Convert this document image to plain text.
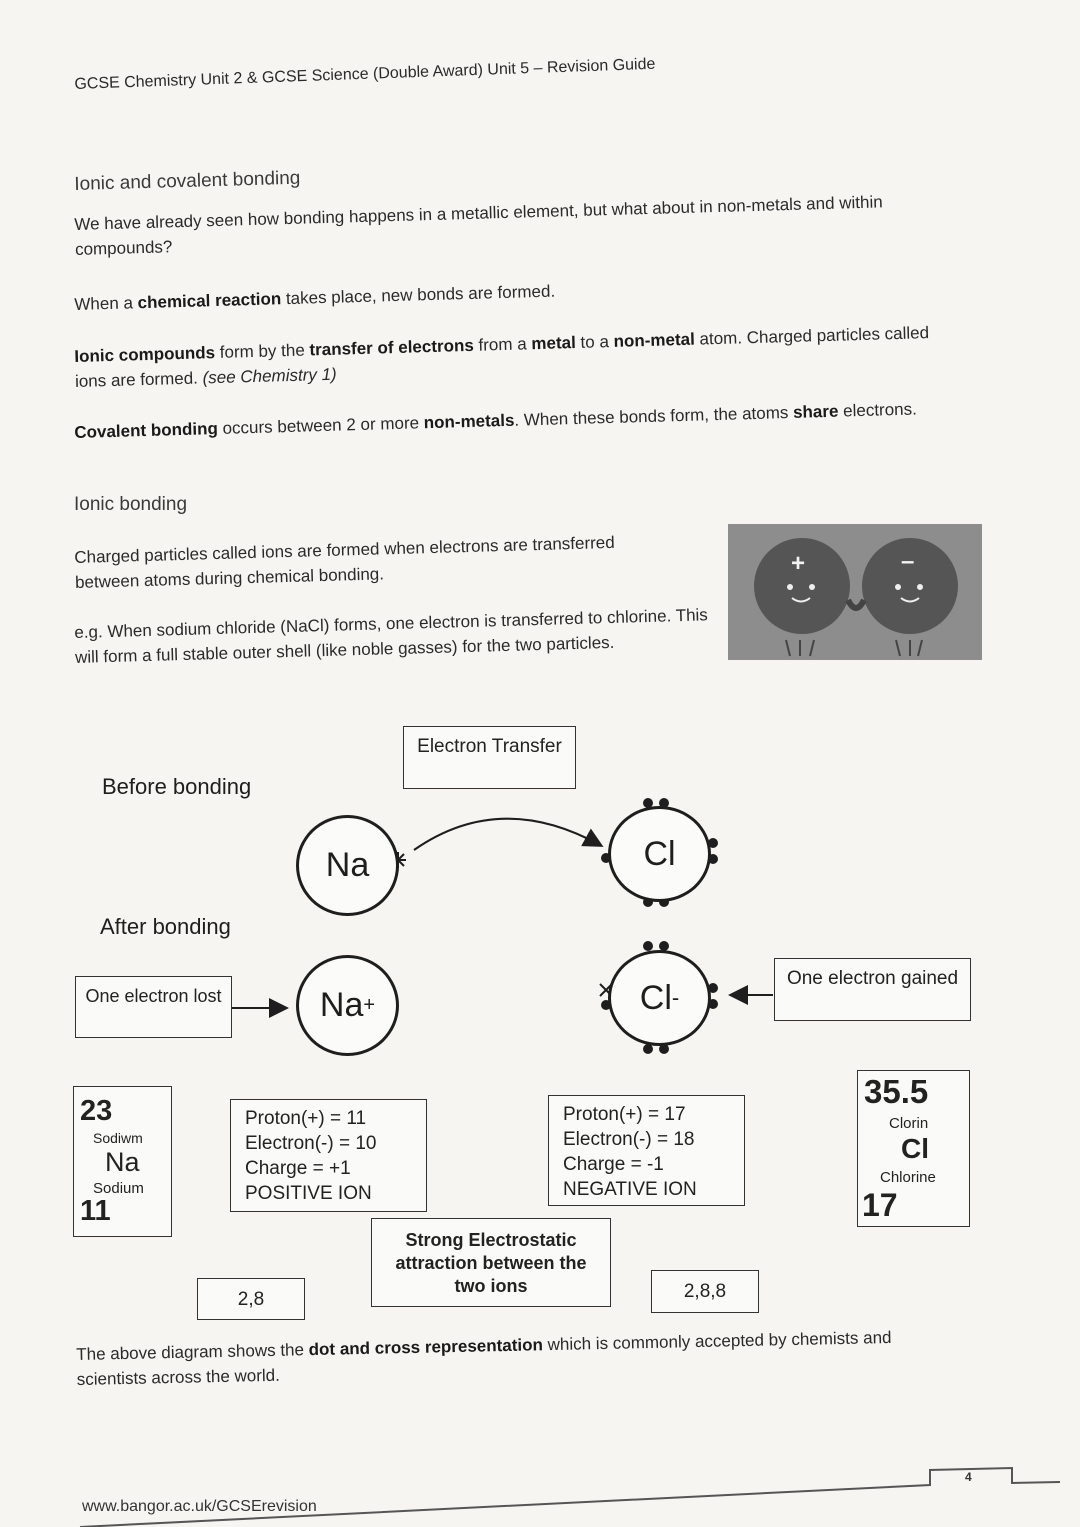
GCSE Chemistry Unit 2 & GCSE Science (Double Award) Unit 5 – Revision Guide
Ionic and covalent bonding
We have already seen how bonding happens in a metallic element, but what about in non-metals and within compounds?
When a chemical reaction takes place, new bonds are formed.
Ionic compounds form by the transfer of electrons from a metal to a non-metal atom. Charged particles called ions are formed. (see Chemistry 1)
Covalent bonding occurs between 2 or more non-metals. When these bonds form, the atoms share electrons.
Ionic bonding
Charged particles called ions are formed when electrons are transferred between atoms during chemical bonding.
e.g. When sodium chloride (NaCl) forms, one electron is transferred to chlorine. This will form a full stable outer shell (like noble gasses) for the two particles.
+	–
Before bonding
After bonding
Electron Transfer
Na	Cl
Na +	Cl -
One electron lost
One electron gained
23
Sodiwm
Na
Sodium
11
35.5
Clorin
Cl
Chlorine
17
Proton(+) = 11
Electron(-) = 10
Charge = +1
POSITIVE ION
Proton(+) = 17
Electron(-) = 18
Charge = -1
NEGATIVE ION
Strong Electrostatic attraction between the two ions
2,8	2,8,8
The above diagram shows the dot and cross representation which is commonly accepted by chemists and scientists across the world.
www.bangor.ac.uk/GCSErevision
4
